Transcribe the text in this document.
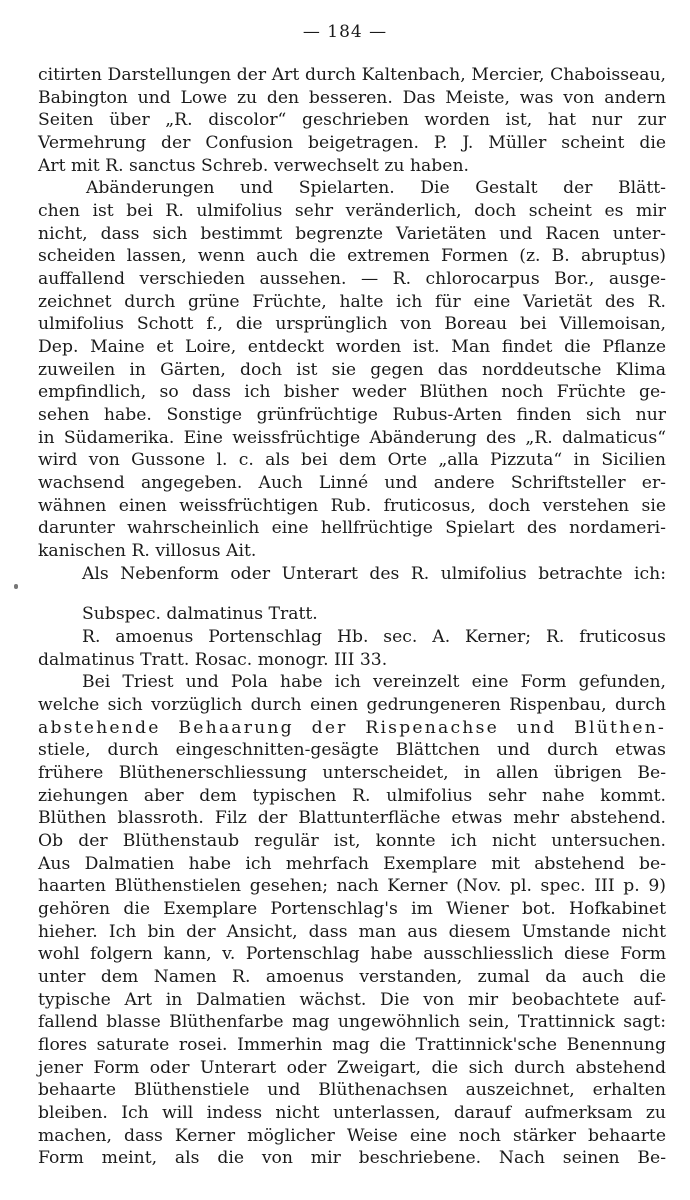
— 184 —
citirten Darstellungen der Art durch Kaltenbach, Mercier, Chaboisseau,
Babington und Lowe zu den besseren. Das Meiste, was von andern
Seiten über „R. discolor“ geschrieben worden ist, hat nur zur
Vermehrung der Confusion beigetragen. P. J. Müller scheint die
Art mit R. sanctus Schreb. verwechselt zu haben.
Abänderungen und Spielarten. Die Gestalt der Blätt-
chen ist bei R. ulmifolius sehr veränderlich, doch scheint es mir
nicht, dass sich bestimmt begrenzte Varietäten und Racen unter-
scheiden lassen, wenn auch die extremen Formen (z. B. abruptus)
auffallend verschieden aussehen. — R. chlorocarpus Bor., ausge-
zeichnet durch grüne Früchte, halte ich für eine Varietät des R.
ulmifolius Schott f., die ursprünglich von Boreau bei Villemoisan,
Dep. Maine et Loire, entdeckt worden ist. Man findet die Pflanze
zuweilen in Gärten, doch ist sie gegen das norddeutsche Klima
empfindlich, so dass ich bisher weder Blüthen noch Früchte ge-
sehen habe. Sonstige grünfrüchtige Rubus-Arten finden sich nur
in Südamerika. Eine weissfrüchtige Abänderung des „R. dalmaticus“
wird von Gussone l. c. als bei dem Orte „alla Pizzuta“ in Sicilien
wachsend angegeben. Auch Linné und andere Schriftsteller er-
wähnen einen weissfrüchtigen Rub. fruticosus, doch verstehen sie
darunter wahrscheinlich eine hellfrüchtige Spielart des nordameri-
kanischen R. villosus Ait.
Als Nebenform oder Unterart des R. ulmifolius betrachte ich:
Subspec. dalmatinus Tratt.
R. amoenus Portenschlag Hb. sec. A. Kerner; R. fruticosus
dalmatinus Tratt. Rosac. monogr. III 33.
Bei Triest und Pola habe ich vereinzelt eine Form gefunden,
welche sich vorzüglich durch einen gedrungeneren Rispenbau, durch
abstehende Behaarung der Rispenachse und Blüthen-
stiele, durch eingeschnitten-gesägte Blättchen und durch etwas
frühere Blüthenerschliessung unterscheidet, in allen übrigen Be-
ziehungen aber dem typischen R. ulmifolius sehr nahe kommt.
Blüthen blassroth. Filz der Blattunterfläche etwas mehr abstehend.
Ob der Blüthenstaub regulär ist, konnte ich nicht untersuchen.
Aus Dalmatien habe ich mehrfach Exemplare mit abstehend be-
haarten Blüthenstielen gesehen; nach Kerner (Nov. pl. spec. III p. 9)
gehören die Exemplare Portenschlag's im Wiener bot. Hofkabinet
hieher. Ich bin der Ansicht, dass man aus diesem Umstande nicht
wohl folgern kann, v. Portenschlag habe ausschliesslich diese Form
unter dem Namen R. amoenus verstanden, zumal da auch die
typische Art in Dalmatien wächst. Die von mir beobachtete auf-
fallend blasse Blüthenfarbe mag ungewöhnlich sein, Trattinnick sagt:
flores saturate rosei. Immerhin mag die Trattinnick'sche Benennung
jener Form oder Unterart oder Zweigart, die sich durch abstehend
behaarte Blüthenstiele und Blüthenachsen auszeichnet, erhalten
bleiben. Ich will indess nicht unterlassen, darauf aufmerksam zu
machen, dass Kerner möglicher Weise eine noch stärker behaarte
Form meint, als die von mir beschriebene. Nach seinen Be-
